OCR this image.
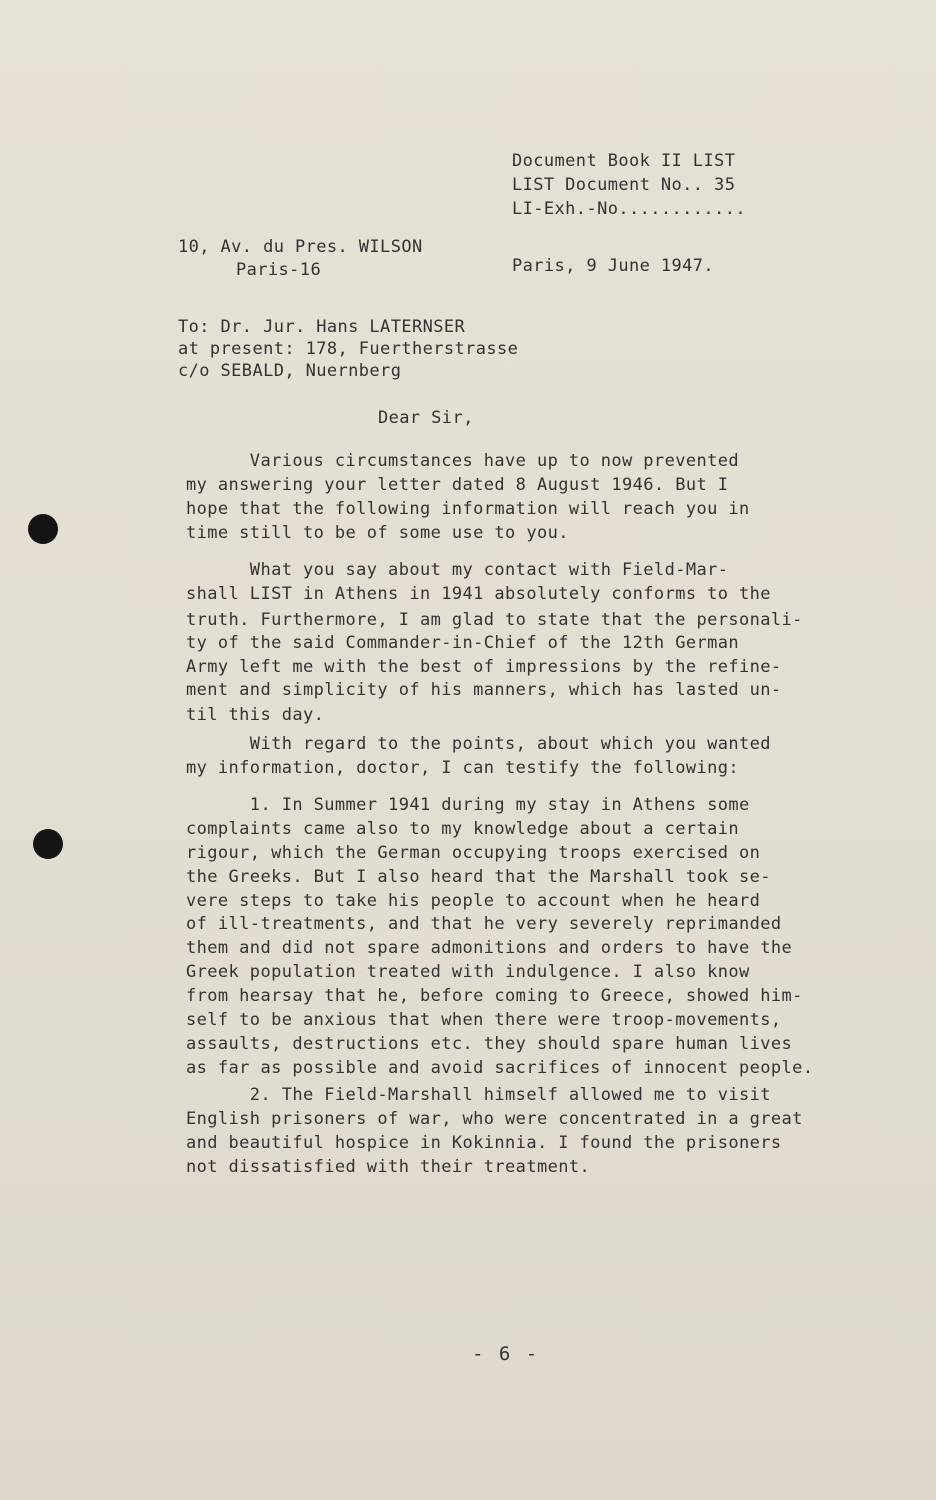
Document Book II LIST
LIST Document No.. 35
LI-Exh.-No............
10, Av. du Pres. WILSON
Paris-16	Paris, 9 June 1947.
To: Dr. Jur. Hans LATERNSER
at present: 178, Fuertherstrasse
c/o SEBALD, Nuernberg
Dear Sir,
Various circumstances have up to now prevented
my answering your letter dated 8 August 1946. But I
hope that the following information will reach you in
time still to be of some use to you.
What you say about my contact with Field-Mar-
shall LIST in Athens in 1941 absolutely conforms to the
truth. Furthermore, I am glad to state that the personali-
ty of the said Commander-in-Chief of the 12th German
Army left me with the best of impressions by the refine-
ment and simplicity of his manners, which has lasted un-
til this day.
With regard to the points, about which you wanted
my information, doctor, I can testify the following:
1. In Summer 1941 during my stay in Athens some
complaints came also to my knowledge about a certain
rigour, which the German occupying troops exercised on
the Greeks. But I also heard that the Marshall took se-
vere steps to take his people to account when he heard
of ill-treatments, and that he very severely reprimanded
them and did not spare admonitions and orders to have the
Greek population treated with indulgence. I also know
from hearsay that he, before coming to Greece, showed him-
self to be anxious that when there were troop-movements,
assaults, destructions etc. they should spare human lives
as far as possible and avoid sacrifices of innocent people.
2. The Field-Marshall himself allowed me to visit
English prisoners of war, who were concentrated in a great
and beautiful hospice in Kokinnia. I found the prisoners
not dissatisfied with their treatment.
- 6 -
